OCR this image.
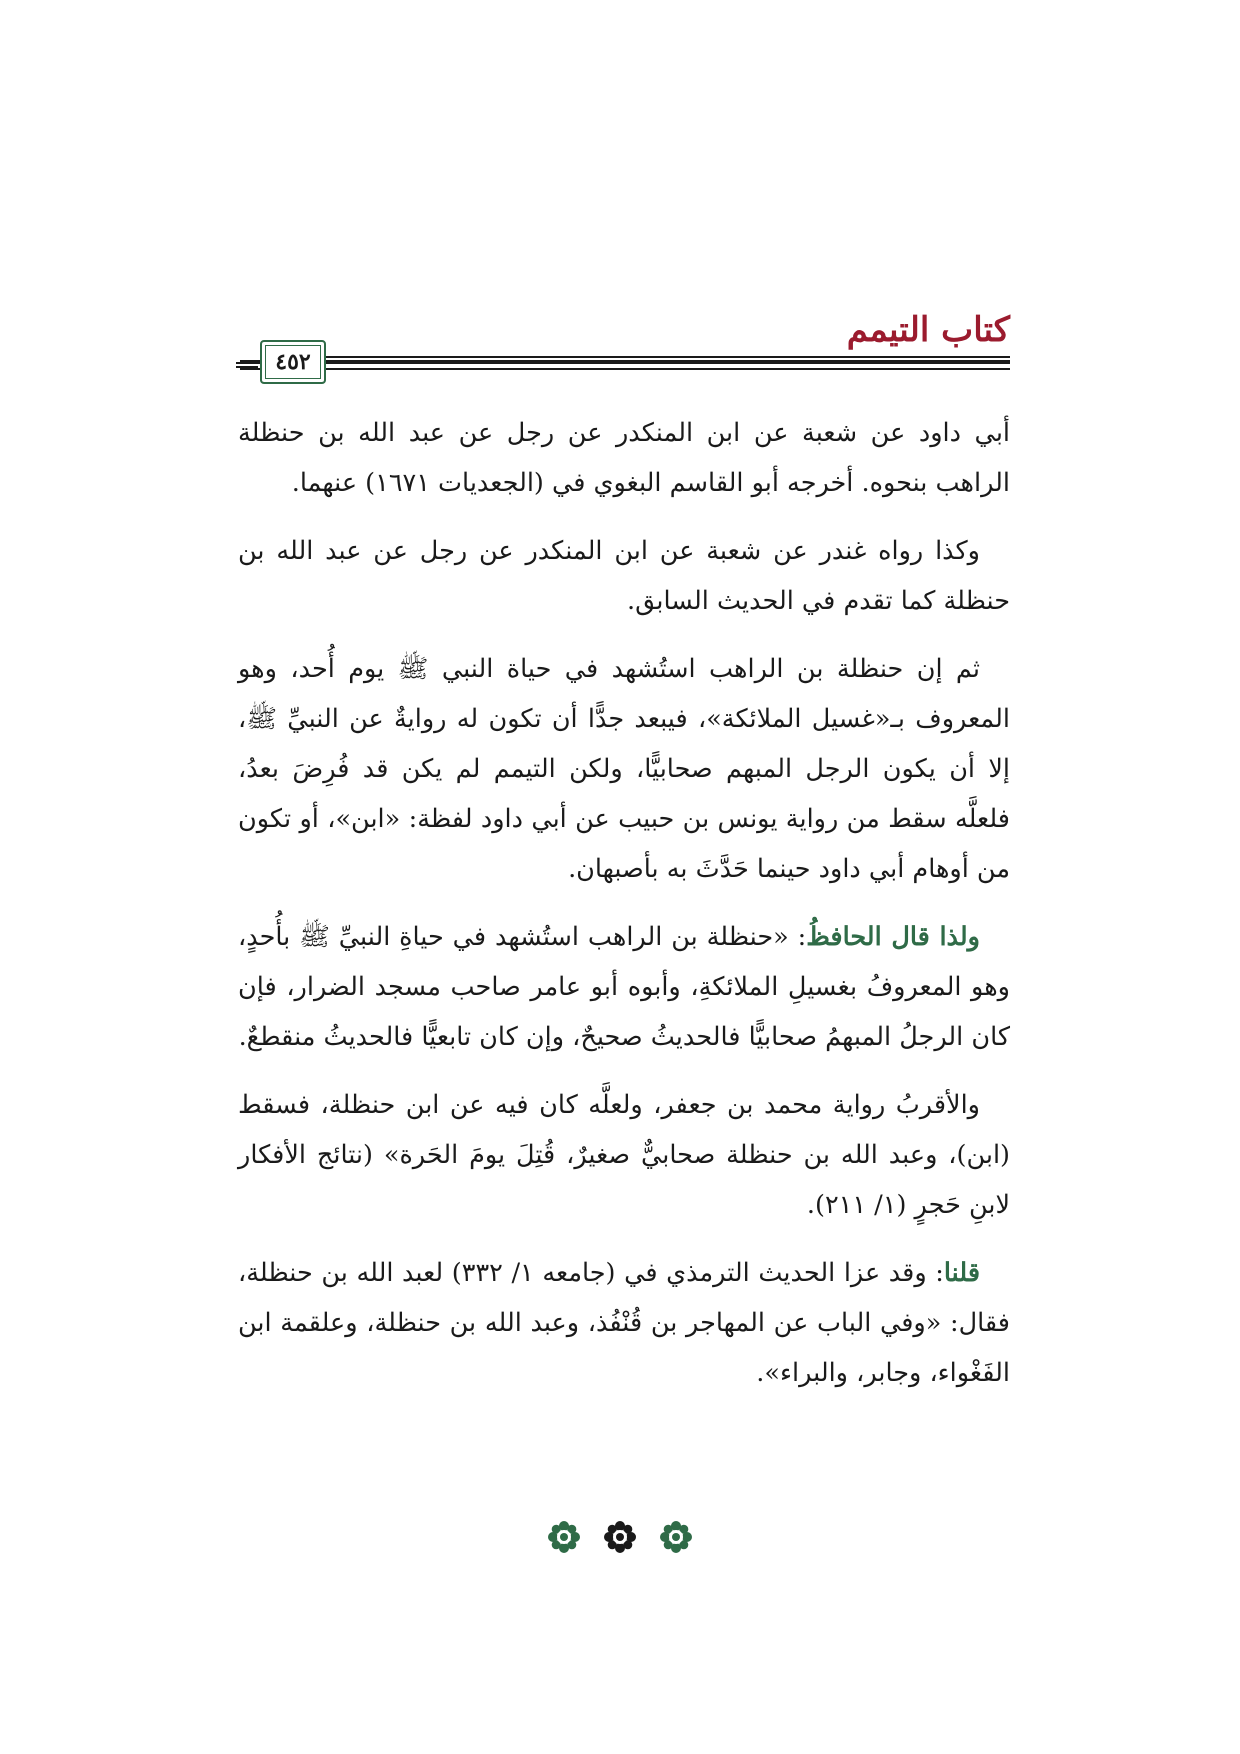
كتاب التيمم
٤٥٢

أبي داود عن شعبة عن ابن المنكدر عن رجل عن عبد الله بن حنظلة الراهب بنحوه. أخرجه أبو القاسم البغوي في (الجعديات ١٦٧١) عنهما.

وكذا رواه غندر عن شعبة عن ابن المنكدر عن رجل عن عبد الله بن حنظلة كما تقدم في الحديث السابق.

ثم إن حنظلة بن الراهب استُشهد في حياة النبي ﷺ يوم أُحد، وهو المعروف بـ«غسيل الملائكة»، فيبعد جدًّا أن تكون له روايةٌ عن النبيِّ ﷺ، إلا أن يكون الرجل المبهم صحابيًّا، ولكن التيمم لم يكن قد فُرِضَ بعدُ، فلعلَّه سقط من رواية يونس بن حبيب عن أبي داود لفظة: «ابن»، أو تكون من أوهام أبي داود حينما حَدَّثَ به بأصبهان.

ولذا قال الحافظُ: «حنظلة بن الراهب استُشهد في حياةِ النبيِّ ﷺ بأُحدٍ، وهو المعروفُ بغسيلِ الملائكةِ، وأبوه أبو عامر صاحب مسجد الضرار، فإن كان الرجلُ المبهمُ صحابيًّا فالحديثُ صحيحٌ، وإن كان تابعيًّا فالحديثُ منقطعٌ.

والأقربُ رواية محمد بن جعفر، ولعلَّه كان فيه عن ابن حنظلة، فسقط (ابن)، وعبد الله بن حنظلة صحابيٌّ صغيرٌ، قُتِلَ يومَ الحَرة» (نتائج الأفكار لابنِ حَجرٍ (١/ ٢١١).

قلنا: وقد عزا الحديث الترمذي في (جامعه ١/ ٣٣٢) لعبد الله بن حنظلة، فقال: «وفي الباب عن المهاجر بن قُنْفُذ، وعبد الله بن حنظلة، وعلقمة ابن الفَغْواء، وجابر، والبراء».
